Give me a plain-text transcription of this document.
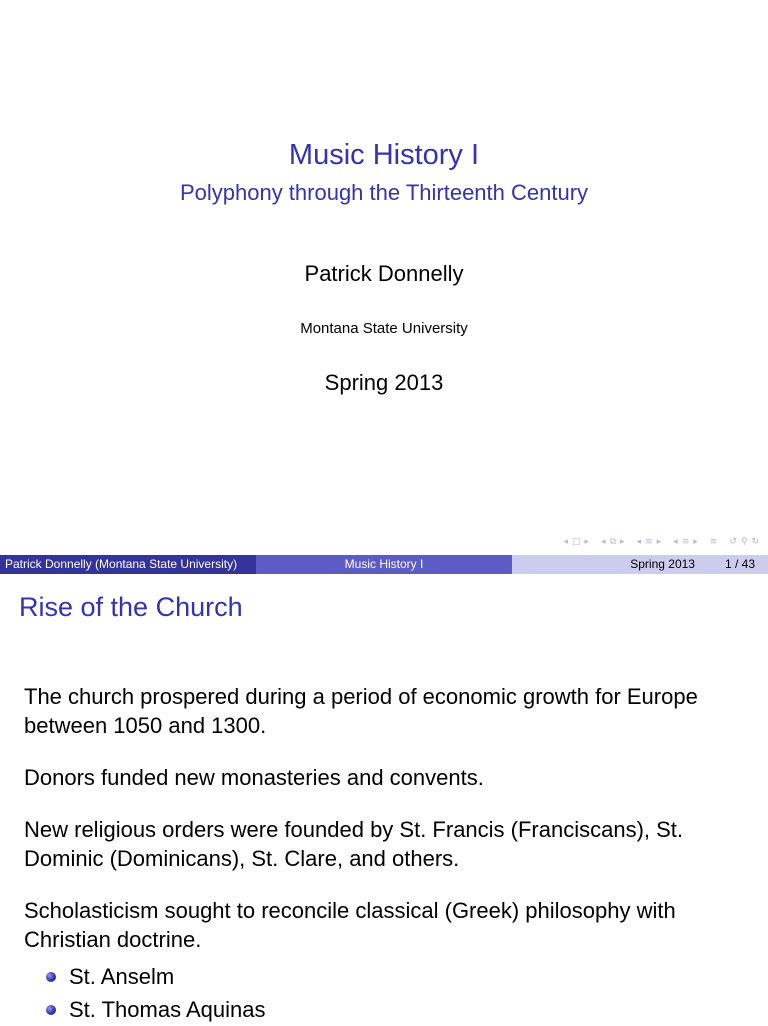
Music History I
Polyphony through the Thirteenth Century
Patrick Donnelly
Montana State University
Spring 2013
◂ □ ▸ ◂ ⧉ ▸ ◂ ≡ ▸ ◂ ≡ ▸ ≡ ↺ ⚲ ↻
Patrick Donnelly (Montana State University)	Music History I	Spring 2013	1 / 43
Rise of the Church

The church prospered during a period of economic growth for Europe between 1050 and 1300.

Donors funded new monasteries and convents.

New religious orders were founded by St. Francis (Franciscans), St. Dominic (Dominicans), St. Clare, and others.

Scholasticism sought to reconcile classical (Greek) philosophy with Christian doctrine.

St. Anselm
St. Thomas Aquinas
